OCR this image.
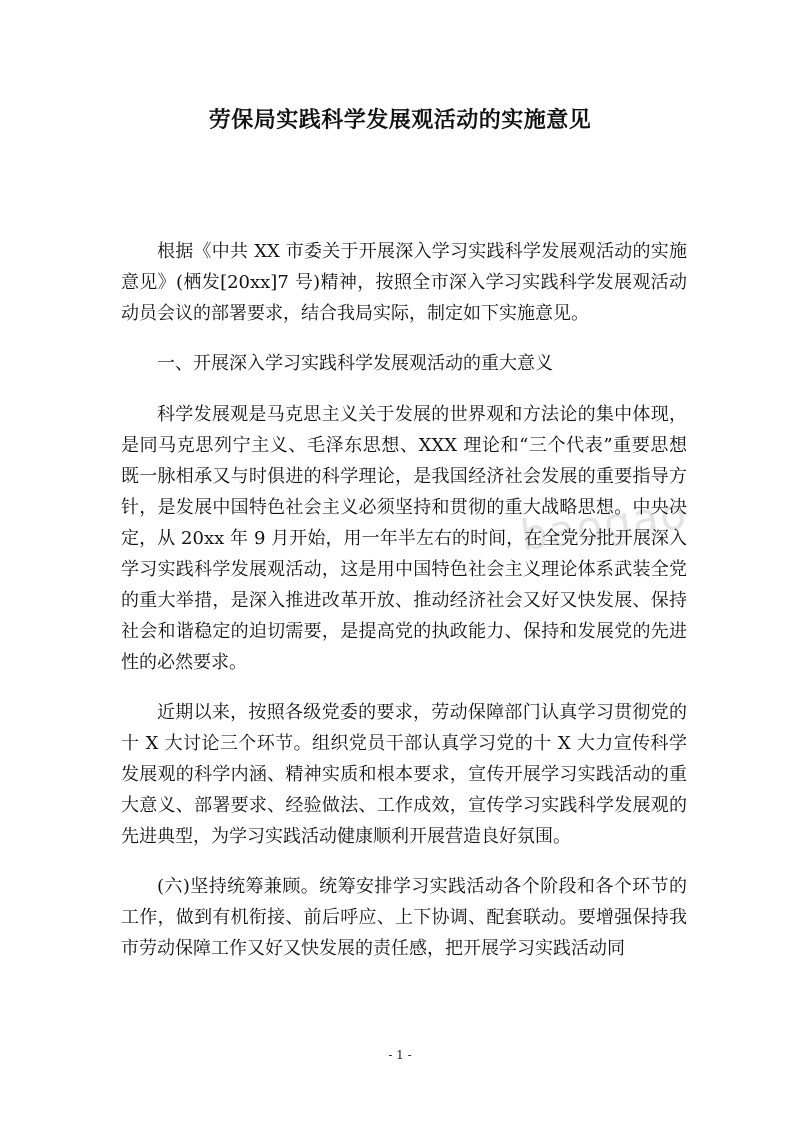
baogao
劳保局实践科学发展观活动的实施意见

根据《中共 XX 市委关于开展深入学习实践科学发展观活动的实施意见》(栖发[20xx]7 号)精神，按照全市深入学习实践科学发展观活动动员会议的部署要求，结合我局实际，制定如下实施意见。

一、开展深入学习实践科学发展观活动的重大意义

科学发展观是马克思主义关于发展的世界观和方法论的集中体现，是同马克思列宁主义、毛泽东思想、XXX 理论和“三个代表”重要思想既一脉相承又与时俱进的科学理论，是我国经济社会发展的重要指导方针，是发展中国特色社会主义必须坚持和贯彻的重大战略思想。中央决定，从 20xx 年 9 月开始，用一年半左右的时间，在全党分批开展深入学习实践科学发展观活动，这是用中国特色社会主义理论体系武装全党的重大举措，是深入推进改革开放、推动经济社会又好又快发展、保持社会和谐稳定的迫切需要，是提高党的执政能力、保持和发展党的先进性的必然要求。

近期以来，按照各级党委的要求，劳动保障部门认真学习贯彻党的十 X 大讨论三个环节。组织党员干部认真学习党的十 X 大力宣传科学发展观的科学内涵、精神实质和根本要求，宣传开展学习实践活动的重大意义、部署要求、经验做法、工作成效，宣传学习实践科学发展观的先进典型，为学习实践活动健康顺利开展营造良好氛围。

(六)坚持统筹兼顾。统筹安排学习实践活动各个阶段和各个环节的工作，做到有机衔接、前后呼应、上下协调、配套联动。要增强保持我市劳动保障工作又好又快发展的责任感，把开展学习实践活动同

- 1 -
